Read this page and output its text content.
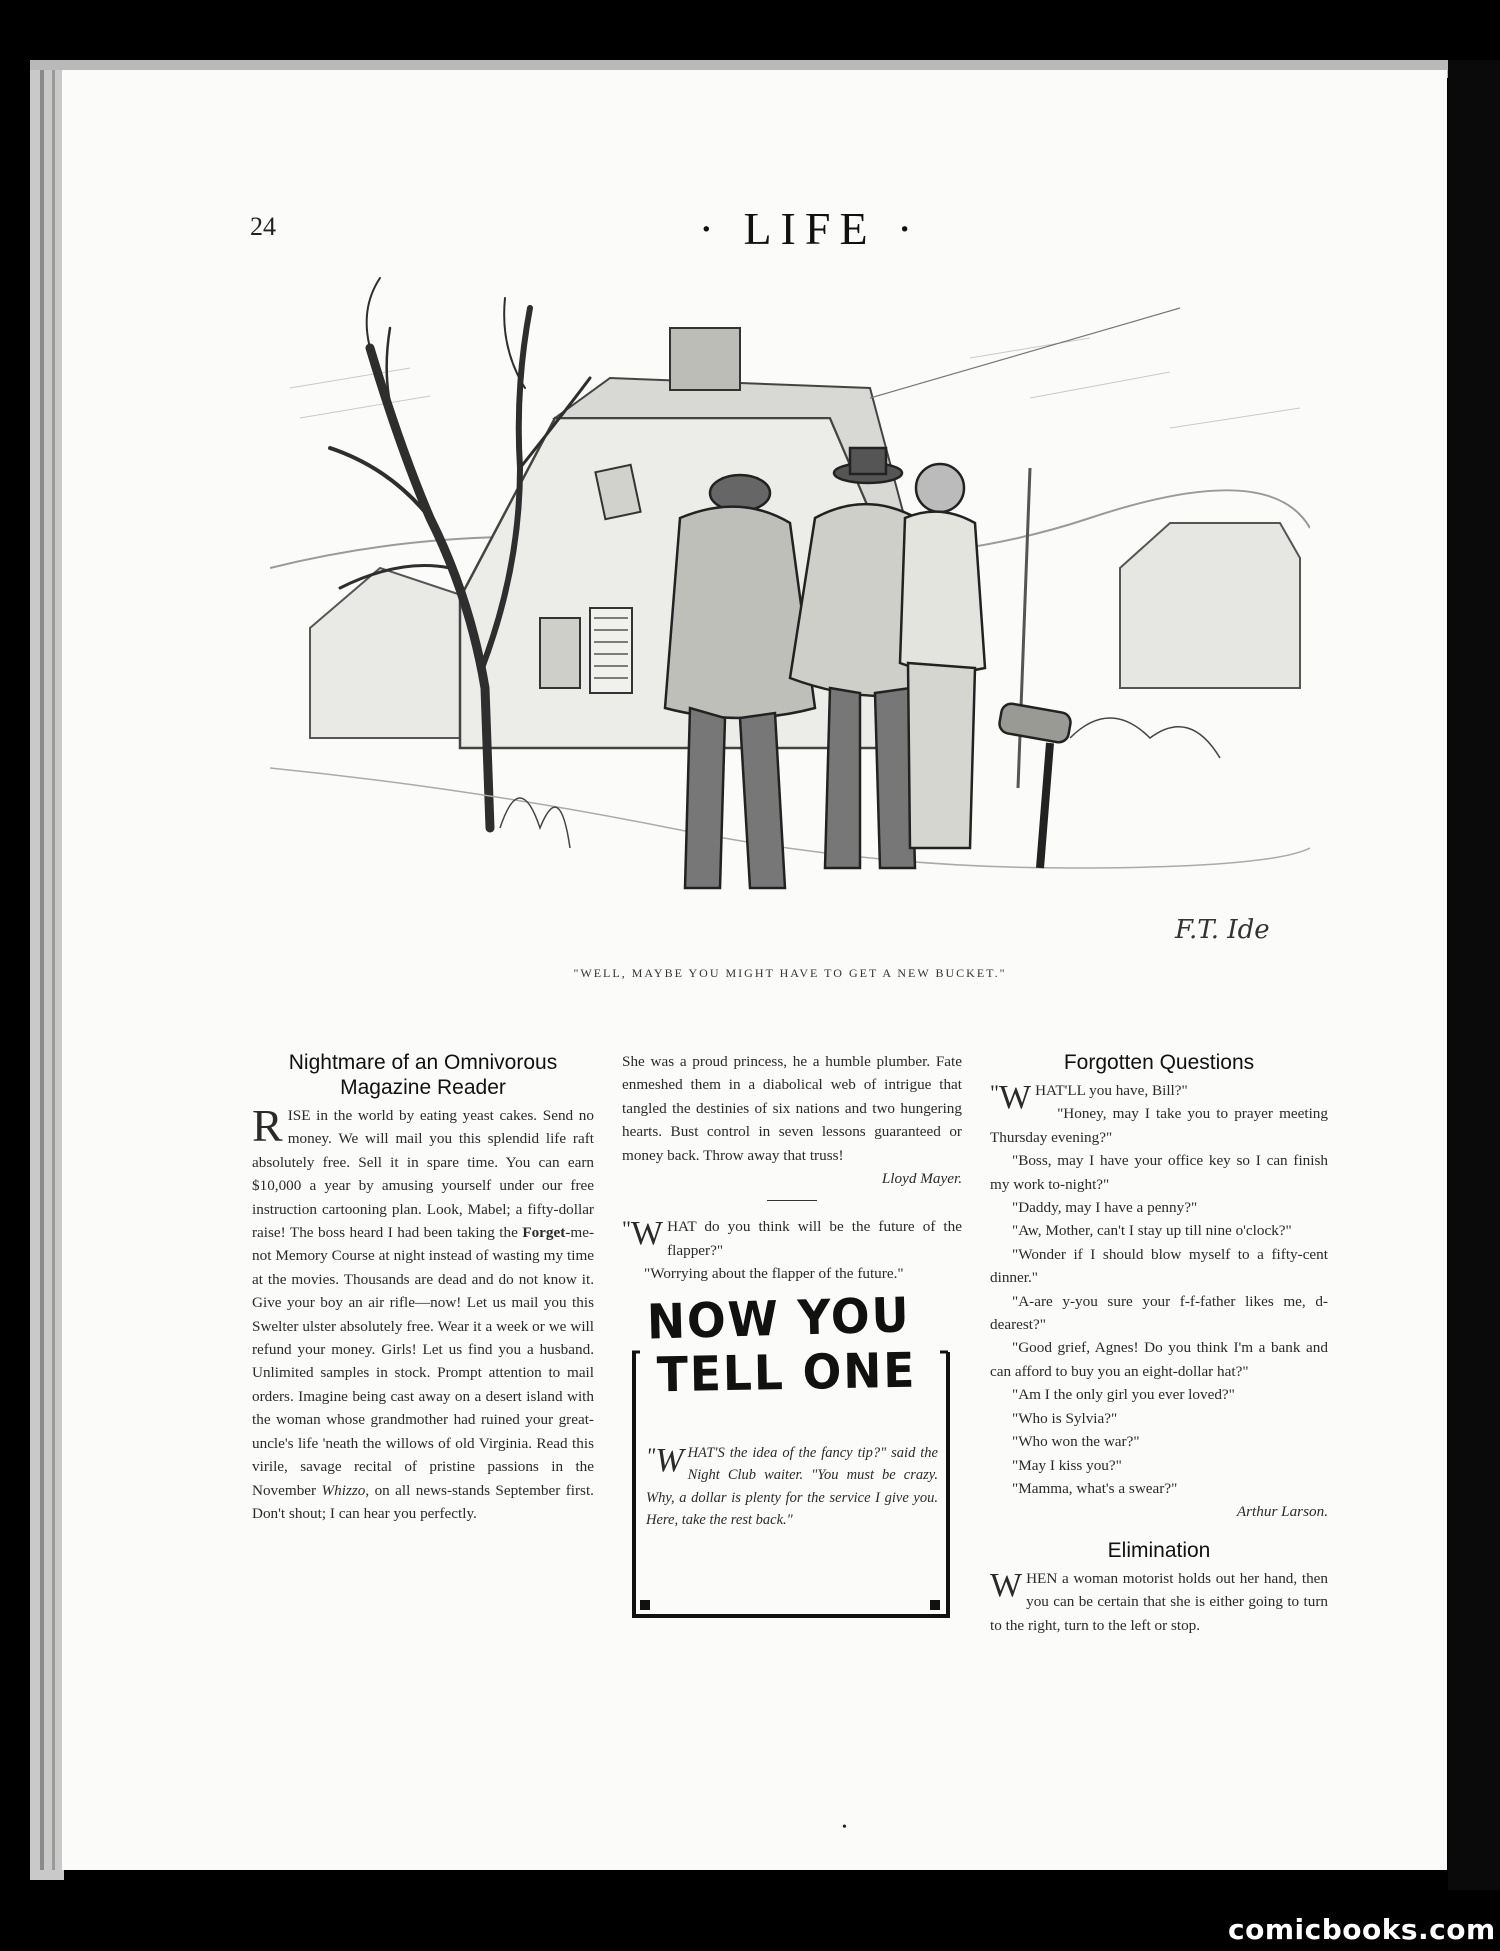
24	· LIFE ·
F.T. Ide
"WELL, MAYBE YOU MIGHT HAVE TO GET A NEW BUCKET."
Nightmare of an Omnivorous
Magazine Reader

RISE in the world by eating yeast cakes. Send no money. We will mail you this splendid life raft absolutely free. Sell it in spare time. You can earn $10,000 a year by amusing yourself under our free instruction cartooning plan. Look, Mabel; a fifty-dollar raise! The boss heard I had been taking the Forget-me-not Memory Course at night instead of wasting my time at the movies. Thousands are dead and do not know it. Give your boy an air rifle—now! Let us mail you this Swelter ulster absolutely free. Wear it a week or we will refund your money. Girls! Let us find you a husband. Unlimited samples in stock. Prompt attention to mail orders. Imagine being cast away on a desert island with the woman whose grandmother had ruined your great-uncle's life 'neath the willows of old Virginia. Read this virile, savage recital of pristine passions in the November Whizzo, on all news-stands September first. Don't shout; I can hear you perfectly.

She was a proud princess, he a humble plumber. Fate enmeshed them in a diabolical web of intrigue that tangled the destinies of six nations and two hungering hearts. Bust control in seven lessons guaranteed or money back. Throw away that truss!

Lloyd Mayer.

" W HAT do you think will be the future of the flapper?"

"Worrying about the flapper of the future."

NOW YOU
TELL ONE

" W HAT'S the idea of the fancy tip?" said the Night Club waiter. "You must be crazy. Why, a dollar is plenty for the service I give you. Here, take the rest back."

Forgotten Questions

" W HAT'LL you have, Bill?"

"Honey, may I take you to prayer meeting Thursday evening?"

"Boss, may I have your office key so I can finish my work to-night?"

"Daddy, may I have a penny?"

"Aw, Mother, can't I stay up till nine o'clock?"

"Wonder if I should blow myself to a fifty-cent dinner."

"A-are y-you sure your f-f-father likes me, d-dearest?"

"Good grief, Agnes! Do you think I'm a bank and can afford to buy you an eight-dollar hat?"

"Am I the only girl you ever loved?"

"Who is Sylvia?"

"Who won the war?"

"May I kiss you?"

"Mamma, what's a swear?"

Arthur Larson.

Elimination

WHEN a woman motorist holds out her hand, then you can be certain that she is either going to turn to the right, turn to the left or stop.

•
comicbooks.com
